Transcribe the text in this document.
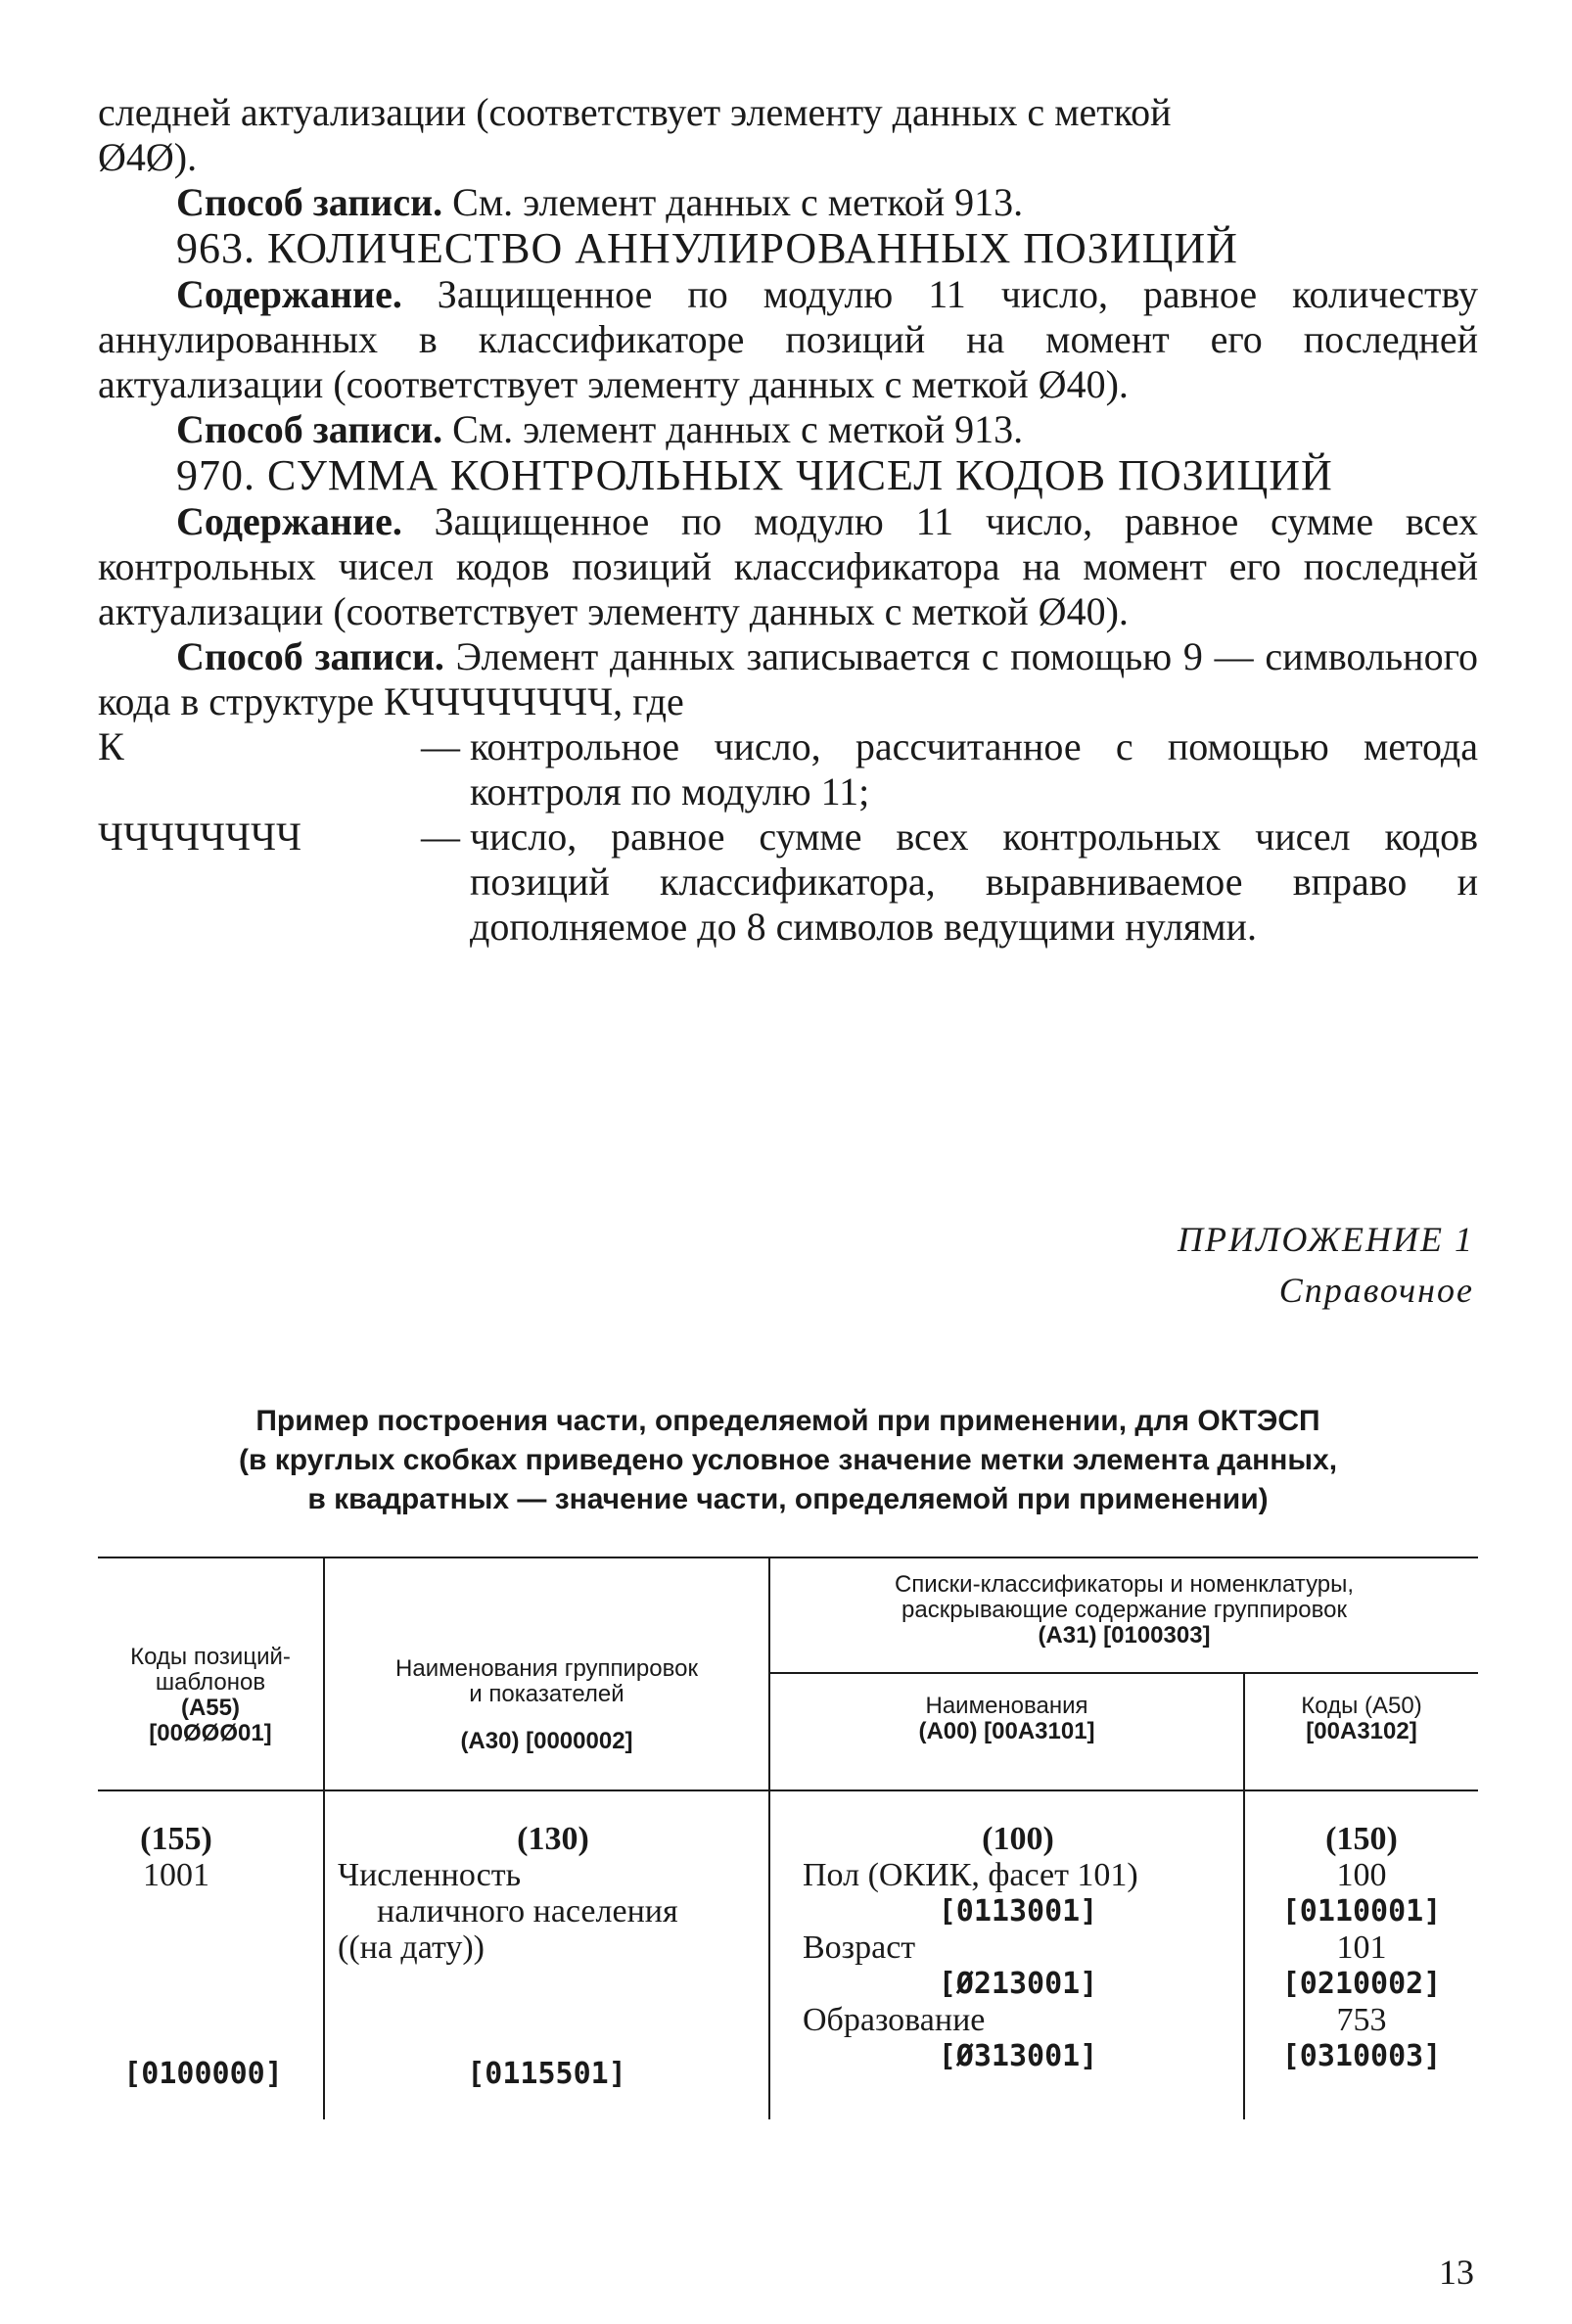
следней актуализации (соответствует элементу данных с меткой

Ø4Ø).

Способ записи. См. элемент данных с меткой 913.

963. КОЛИЧЕСТВО АННУЛИРОВАННЫХ ПОЗИЦИЙ

Содержание. Защищенное по модулю 11 число, равное количеству аннулированных в классификаторе позиций на момент его последней актуализации (соответствует элементу данных с меткой Ø40).

Способ записи. См. элемент данных с меткой 913.

970. СУММА КОНТРОЛЬНЫХ ЧИСЕЛ КОДОВ ПОЗИЦИЙ

Содержание. Защищенное по модулю 11 число, равное сумме всех контрольных чисел кодов позиций классификатора на момент его последней актуализации (соответствует элементу данных с меткой Ø40).

Способ записи. Элемент данных записывается с помощью 9 — символьного кода в структуре КЧЧЧЧЧЧЧЧ, где

К	— контрольное число, рассчитанное с помощью метода контроля по модулю 11;
ЧЧЧЧЧЧЧЧ	— число, равное сумме всех контрольных чисел кодов позиций классификатора, выравниваемое вправо и дополняемое до 8 символов ведущими нулями.
ПРИЛОЖЕНИЕ 1
Справочное
Пример построения части, определяемой при применении, для ОКТЭСП
(в круглых скобках приведено условное значение метки элемента данных,
в квадратных — значение части, определяемой при применении)
Коды позиций-
шаблонов
(А55)
[00ØØØ01]
Наименования группировок
и показателей
(А30) [0000002]
Списки-классификаторы и номенклатуры,
раскрывающие содержание группировок
(А31) [0100303]
Наименования
(А00) [00А3101]
Коды (А50)
[00А3102]
(155)
1001
[0100000]
(130)
Численность
наличного населения
((на дату))
[0115501]
(100)
Пол (ОКИК, фасет 101)
[0113001]
Возраст
[Ø213001]
Образование
[Ø313001]
(150)
100
[0110001]
101
[0210002]
753
[0310003]
13
